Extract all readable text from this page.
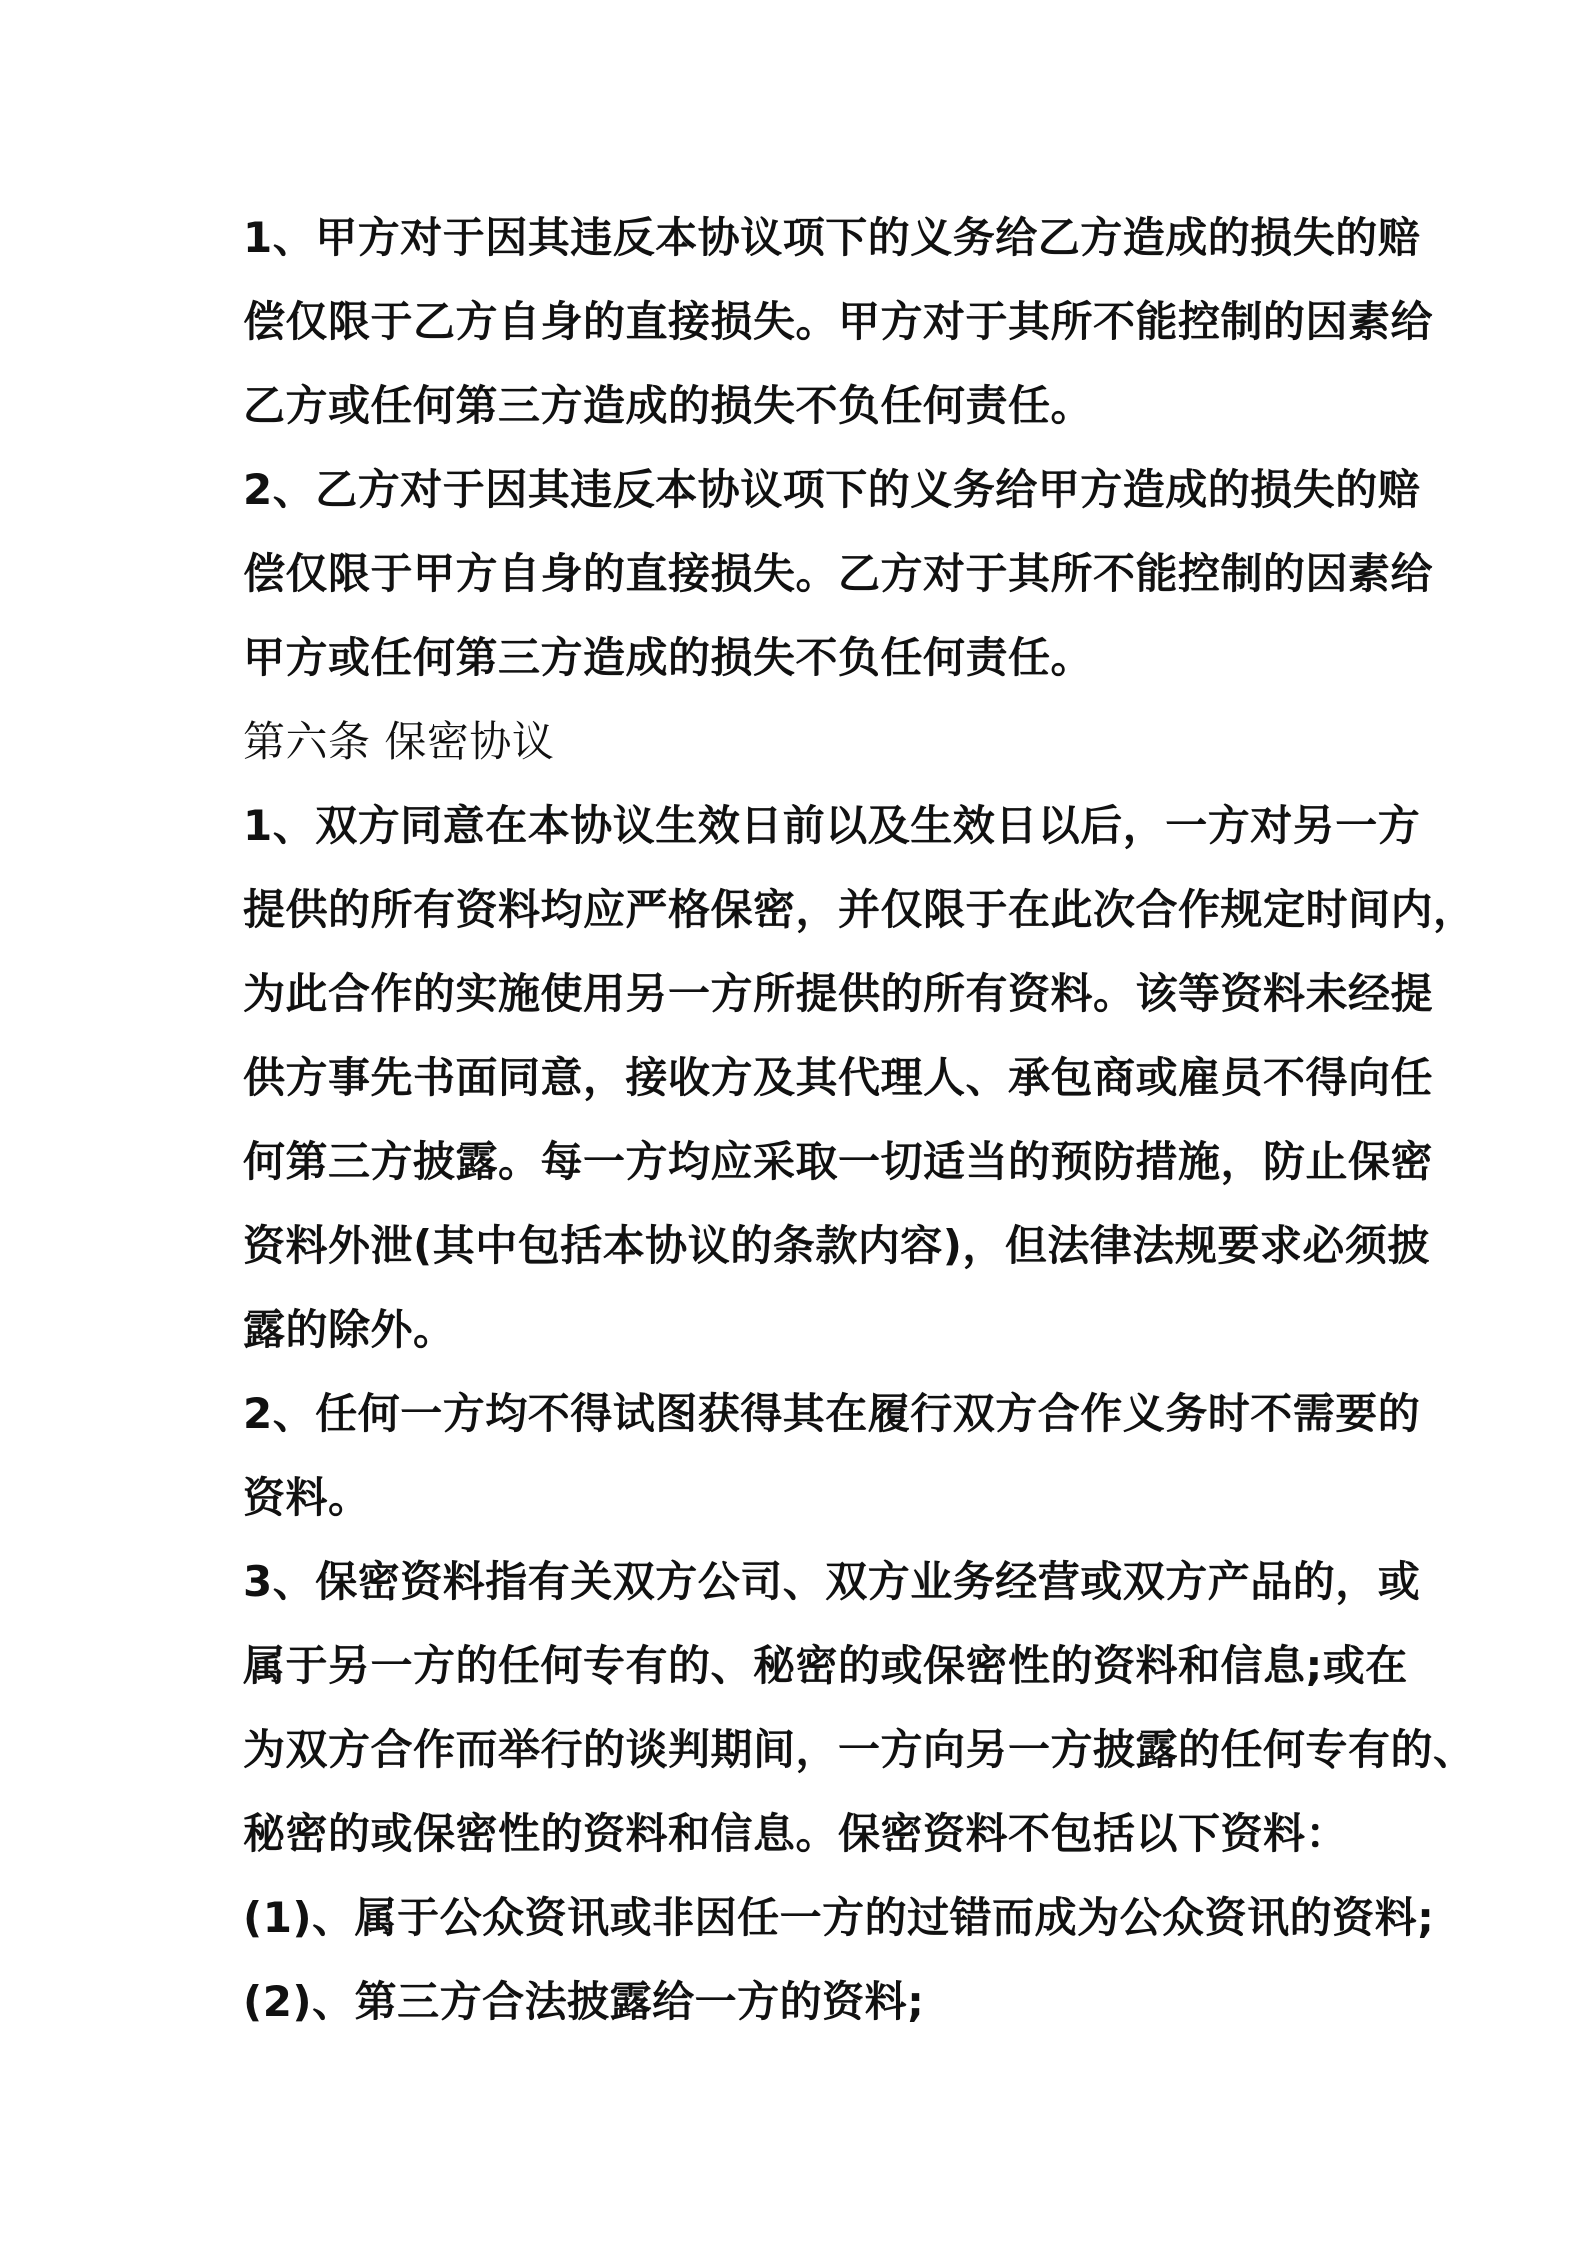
1、甲方对于因其违反本协议项下的义务给乙方造成的损失的赔
偿仅限于乙方自身的直接损失。甲方对于其所不能控制的因素给
乙方或任何第三方造成的损失不负任何责任。
2、乙方对于因其违反本协议项下的义务给甲方造成的损失的赔
偿仅限于甲方自身的直接损失。乙方对于其所不能控制的因素给
甲方或任何第三方造成的损失不负任何责任。
第六条 保密协议
1、双方同意在本协议生效日前以及生效日以后，一方对另一方
提供的所有资料均应严格保密，并仅限于在此次合作规定时间内，
为此合作的实施使用另一方所提供的所有资料。该等资料未经提
供方事先书面同意，接收方及其代理人、承包商或雇员不得向任
何第三方披露。每一方均应采取一切适当的预防措施，防止保密
资料外泄(其中包括本协议的条款内容)，但法律法规要求必须披
露的除外。
2、任何一方均不得试图获得其在履行双方合作义务时不需要的
资料。
3、保密资料指有关双方公司、双方业务经营或双方产品的，或
属于另一方的任何专有的、秘密的或保密性的资料和信息;或在
为双方合作而举行的谈判期间，一方向另一方披露的任何专有的、
秘密的或保密性的资料和信息。保密资料不包括以下资料：
(1)、属于公众资讯或非因任一方的过错而成为公众资讯的资料;
(2)、第三方合法披露给一方的资料;
